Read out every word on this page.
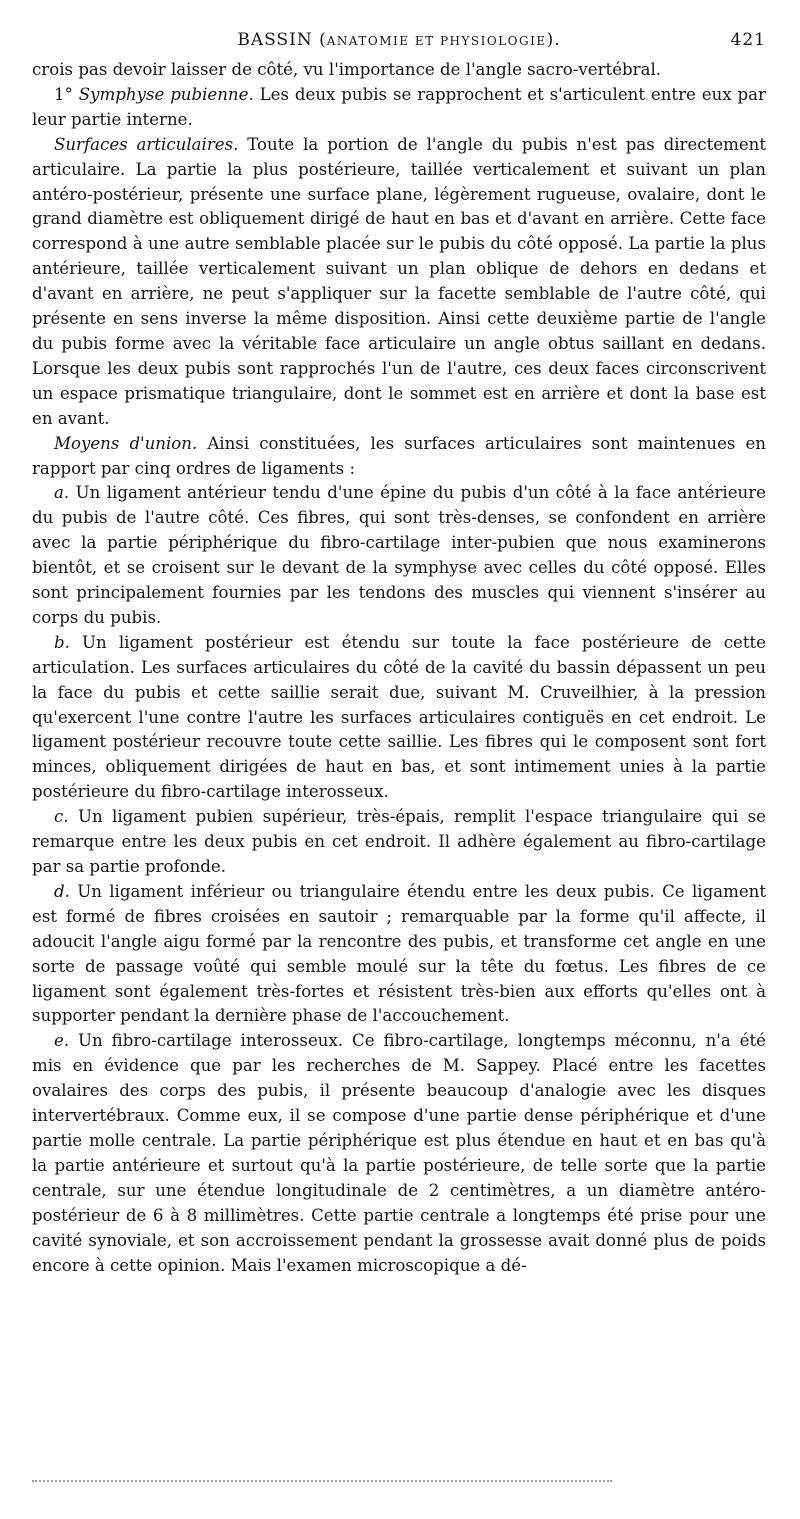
BASSIN (ANATOMIE ET PHYSIOLOGIE).	421

crois pas devoir laisser de côté, vu l'importance de l'angle sacro-vertébral.

1° Symphyse pubienne. Les deux pubis se rapprochent et s'articulent entre eux par leur partie interne.

Surfaces articulaires. Toute la portion de l'angle du pubis n'est pas directement articulaire. La partie la plus postérieure, taillée verticalement et suivant un plan antéro-postérieur, présente une surface plane, légèrement rugueuse, ovalaire, dont le grand diamètre est obliquement dirigé de haut en bas et d'avant en arrière. Cette face correspond à une autre semblable placée sur le pubis du côté opposé. La partie la plus antérieure, taillée verticalement suivant un plan oblique de dehors en dedans et d'avant en arrière, ne peut s'appliquer sur la facette semblable de l'autre côté, qui présente en sens inverse la même disposition. Ainsi cette deuxième partie de l'angle du pubis forme avec la véritable face articulaire un angle obtus saillant en dedans. Lorsque les deux pubis sont rapprochés l'un de l'autre, ces deux faces circonscrivent un espace prismatique triangulaire, dont le sommet est en arrière et dont la base est en avant.

Moyens d'union. Ainsi constituées, les surfaces articulaires sont maintenues en rapport par cinq ordres de ligaments :

a. Un ligament antérieur tendu d'une épine du pubis d'un côté à la face antérieure du pubis de l'autre côté. Ces fibres, qui sont très-denses, se confondent en arrière avec la partie périphérique du fibro-cartilage inter-pubien que nous examinerons bientôt, et se croisent sur le devant de la symphyse avec celles du côté opposé. Elles sont principalement fournies par les tendons des muscles qui viennent s'insérer au corps du pubis.

b. Un ligament postérieur est étendu sur toute la face postérieure de cette articulation. Les surfaces articulaires du côté de la cavité du bassin dépassent un peu la face du pubis et cette saillie serait due, suivant M. Cruveilhier, à la pression qu'exercent l'une contre l'autre les surfaces articulaires contiguës en cet endroit. Le ligament postérieur recouvre toute cette saillie. Les fibres qui le composent sont fort minces, obliquement dirigées de haut en bas, et sont intimement unies à la partie postérieure du fibro-cartilage interosseux.

c. Un ligament pubien supérieur, très-épais, remplit l'espace triangulaire qui se remarque entre les deux pubis en cet endroit. Il adhère également au fibro-cartilage par sa partie profonde.

d. Un ligament inférieur ou triangulaire étendu entre les deux pubis. Ce ligament est formé de fibres croisées en sautoir ; remarquable par la forme qu'il affecte, il adoucit l'angle aigu formé par la rencontre des pubis, et transforme cet angle en une sorte de passage voûté qui semble moulé sur la tête du fœtus. Les fibres de ce ligament sont également très-fortes et résistent très-bien aux efforts qu'elles ont à supporter pendant la dernière phase de l'accouchement.

e. Un fibro-cartilage interosseux. Ce fibro-cartilage, longtemps méconnu, n'a été mis en évidence que par les recherches de M. Sappey. Placé entre les facettes ovalaires des corps des pubis, il présente beaucoup d'analogie avec les disques intervertébraux. Comme eux, il se compose d'une partie dense périphérique et d'une partie molle centrale. La partie périphérique est plus étendue en haut et en bas qu'à la partie antérieure et surtout qu'à la partie postérieure, de telle sorte que la partie centrale, sur une étendue longitudinale de 2 centimètres, a un diamètre antéro-postérieur de 6 à 8 millimètres. Cette partie centrale a longtemps été prise pour une cavité synoviale, et son accroissement pendant la grossesse avait donné plus de poids encore à cette opinion. Mais l'examen microscopique a dé-
